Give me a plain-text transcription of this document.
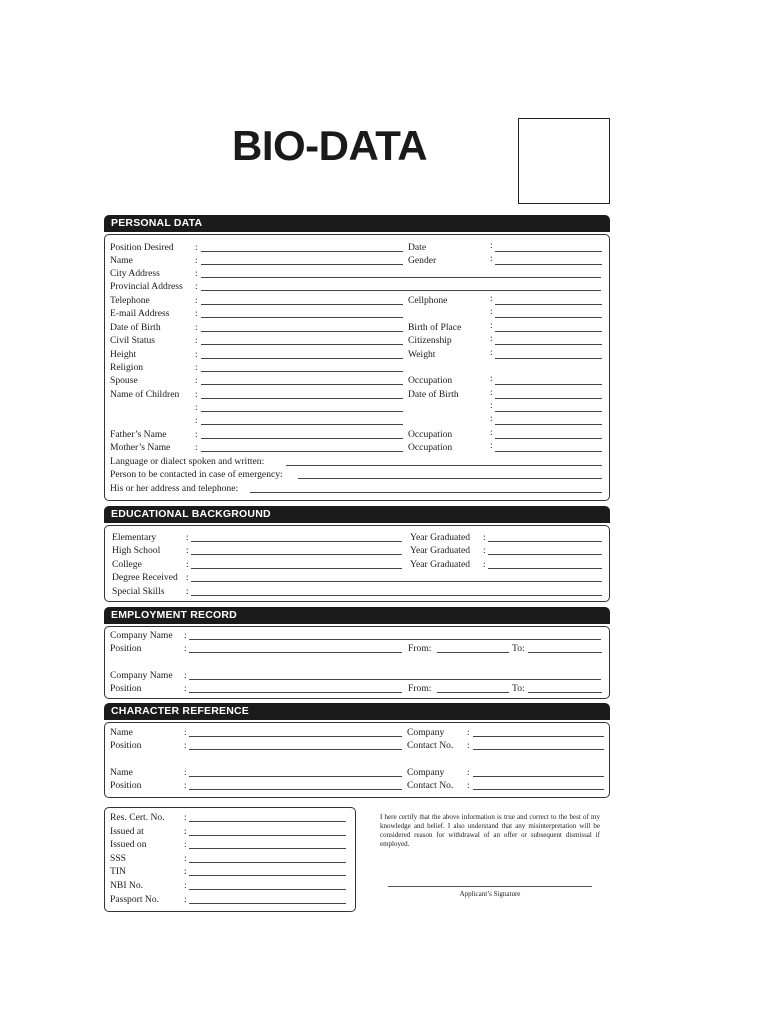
BIO-DATA
PERSONAL DATA
Position Desired :	Date	:
Name	:	Gender	:
City Address	:
Provincial Address :
Telephone	:	Cellphone	:
E-mail Address	:	:
Date of Birth	:	Birth of Place	:
Civil Status	:	Citizenship	:
Height	:	Weight	:
Religion	:
Spouse	:	Occupation	:
Name of Children :	Date of Birth	:
:	:
:	:
Father’s Name	:	Occupation	:
Mother’s Name	:	Occupation	:
Language or dialect spoken and written:
Person to be contacted in case of emergency:
His or her address and telephone:
EDUCATIONAL BACKGROUND
Elementary	:	Year Graduated :
High School	:	Year Graduated :
College	:	Year Graduated :
Degree Received :
Special Skills :
EMPLOYMENT RECORD
Company Name :
Position	:	From:	To:
Company Name :
Position	:	From:	To:
CHARACTER REFERENCE
Name	:	Company :
Position	:	Contact No. :
Name	:	Company :
Position	:	Contact No. :
Res. Cert. No. :
Issued at	:
Issued on	:
SSS	:
TIN	:
NBI No.	:
Passport No.	:
I here certify that the above information is true and correct to the best of my knowledge and belief. I also understand that any misinterpretation will be considered reason for withdrawal of an offer or subsequent dismissal if employed.
Applicant’s Signature
